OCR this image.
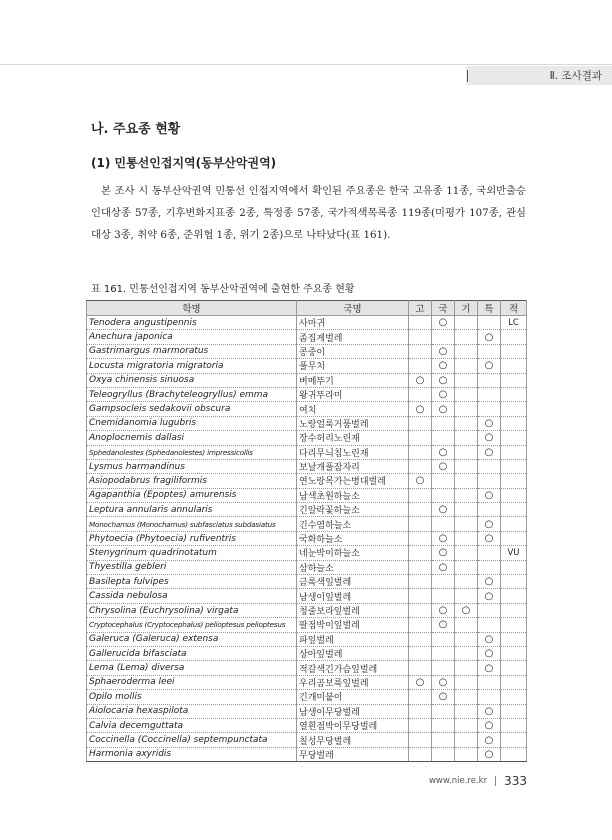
Ⅱ. 조사결과
나. 주요종 현황
(1) 민통선인접지역(동부산악권역)

본 조사 시 동부산악권역 민통선 인접지역에서 확인된 주요종은 한국 고유종 11종, 국외반출승인대상종 57종, 기후변화지표종 2종, 특정종 57종, 국가적색목록종 119종(미평가 107종, 관심대상 3종, 취약 6종, 준위협 1종, 위기 2종)으로 나타났다(표 161).

표 161. 민통선인접지역 동부산악권역에 출현한 주요종 현황
학명	국명	고	국	기	특	적
Tenodera angustipennis	사마귀		○			LC
Anechura japonica	좀집게벌레				○	
Gastrimargus marmoratus	콩중이		○			
Locusta migratoria migratoria	풀무치		○		○	
Oxya chinensis sinuosa	벼메뚜기	○	○			
Teleogryllus (Brachyteleogryllus) emma	왕귀뚜라미		○			
Gampsocleis sedakovii obscura	여치	○	○			
Cnemidanomia lugubris	노랑얼룩거품벌레				○	
Anoplocnemis dallasi	장수허리노린재				○	
Sphedanolestes (Sphedanolestes) impressicollis	다리무늬침노린재		○		○	
Lysmus harmandinus	보날개풀잠자리		○			
Asiopodabrus fragiliformis	연노랑목가는병대벌레	○				
Agapanthia (Epoptes) amurensis	남색초원하늘소				○	
Leptura annularis annularis	긴알락꽃하늘소		○			
Monochamus (Monochamus) subfasciatus subdasiatus	긴수염하늘소				○	
Phytoecia (Phytoecia) rufiventris	국화하늘소		○		○	
Stenygrinum quadrinotatum	네눈박이하늘소		○			VU
Thyestilla gebleri	삼하늘소		○			
Basilepta fulvipes	금록색잎벌레				○	
Cassida nebulosa	남생이잎벌레				○	
Chrysolina (Euchrysolina) virgata	청줄보라잎벌레		○	○		
Cryptocephalus (Cryptocephalus) pelioptesus pelioptesus	팔점박이잎벌레		○			
Galeruca (Galeruca) extensa	파잎벌레				○	
Gallerucida bifasciata	상아잎벌레				○	
Lema (Lema) diversa	적갈색긴가슴잎벌레				○	
Sphaeroderma leei	우리곰보룩잎벌레	○	○			
Opilo mollis	긴개미붙이		○			
Aiolocaria hexaspilota	남생이무당벌레				○	
Calvia decemguttata	열흰점박이무당벌레				○	
Coccinella (Coccinella) septempunctata	칠성무당벌레				○	
Harmonia axyridis	무당벌레				○	
www.nie.re.kr 333
